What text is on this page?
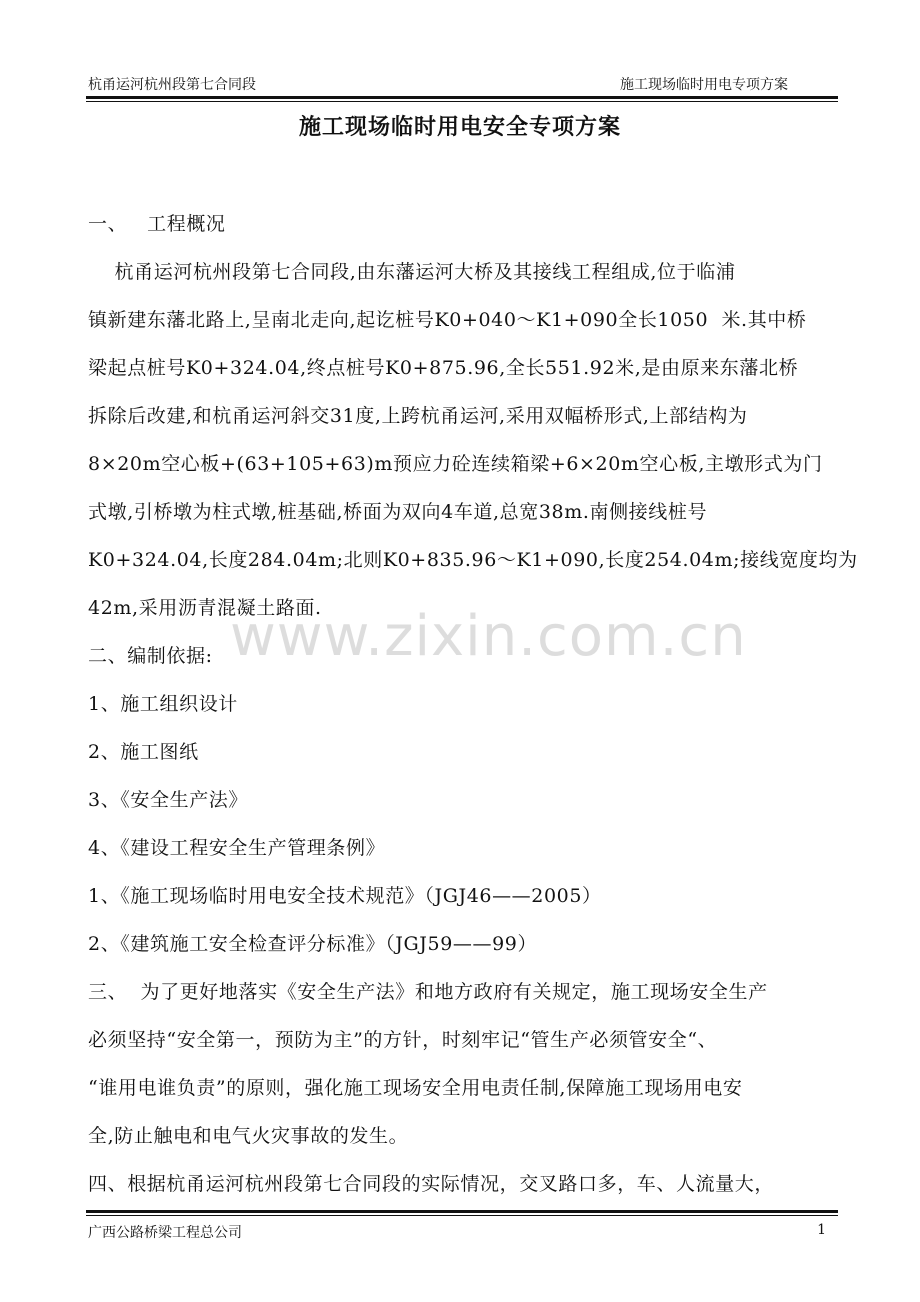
杭甬运河杭州段第七合同段	施工现场临时用电专项方案
施工现场临时用电安全专项方案
一、   工程概况
杭甬运河杭州段第七合同段,由东藩运河大桥及其接线工程组成,位于临浦
镇新建东藩北路上,呈南北走向,起讫桩号K0+040～K1+090全长1050  米.其中桥
梁起点桩号K0+324.04,终点桩号K0+875.96,全长551.92米,是由原来东藩北桥
拆除后改建,和杭甬运河斜交31度,上跨杭甬运河,采用双幅桥形式,上部结构为
8×20m空心板+(63+105+63)m预应力砼连续箱梁+6×20m空心板,主墩形式为门
式墩,引桥墩为柱式墩,桩基础,桥面为双向4车道,总宽38m.南侧接线桩号
K0+324.04,长度284.04m;北则K0+835.96～K1+090,长度254.04m;接线宽度均为
42m,采用沥青混凝土路面.
二、编制依据:
1、施工组织设计
2、施工图纸
3、《安全生产法》
4、《建设工程安全生产管理条例》
1、《施工现场临时用电安全技术规范》（JGJ46——2005）
2、《建筑施工安全检查评分标准》（JGJ59——99）
三、  为了更好地落实《安全生产法》和地方政府有关规定，施工现场安全生产
必须坚持“安全第一，预防为主”的方针，时刻牢记“管生产必须管安全“、
“谁用电谁负责”的原则，强化施工现场安全用电责任制,保障施工现场用电安
全,防止触电和电气火灾事故的发生。
四、根据杭甬运河杭州段第七合同段的实际情况，交叉路口多，车、人流量大，
www.zixin.com.cn
广西公路桥梁工程总公司	1
